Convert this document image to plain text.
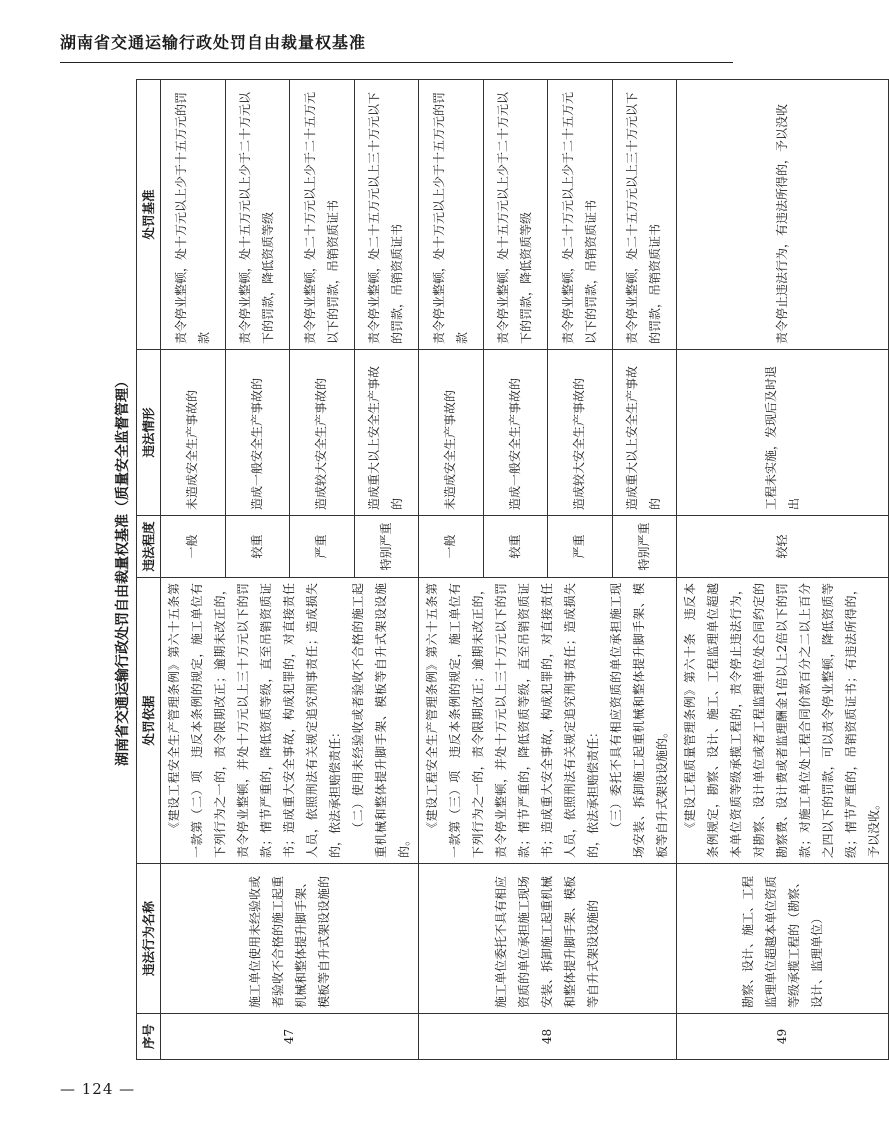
湖南省交通运输行政处罚自由裁量权基准
湖南省交通运输行政处罚自由裁量权基准（质量安全监督管理）
序号	违法行为名称	处罚依据	违法程度	违法情形	处罚基准
47	施工单位使用未经验收或者验收不合格的施工起重机械和整体提升脚手架、模板等自升式架设设施的	《建设工程安全生产管理条例》第六十五条第一款第（二）项　违反本条例的规定，施工单位有下列行为之一的，责令限期改正；逾期未改正的，责令停业整顿，并处十万元以上三十万元以下的罚款；情节严重的，降低资质等级，直至吊销资质证书；造成重大安全事故，构成犯罪的，对直接责任人员，依照刑法有关规定追究刑事责任；造成损失的，依法承担赔偿责任： （二）使用未经验收或者验收不合格的施工起重机械和整体提升脚手架、模板等自升式架设设施的。	一般	未造成安全生产事故的	责令停业整顿，处十万元以上少于十五万元的罚款
			较重	造成一般安全生产事故的	责令停业整顿，处十五万元以上少于二十万元以下的罚款，降低资质等级
			严重	造成较大安全生产事故的	责令停业整顿，处二十万元以上少于二十五万元以下的罚款，吊销资质证书
			特别严重	造成重大以上安全生产事故的	责令停业整顿，处二十五万元以上三十万元以下的罚款，吊销资质证书
48	施工单位委托不具有相应资质的单位承担施工现场安装、拆卸施工起重机械和整体提升脚手架、模板等自升式架设设施的	《建设工程安全生产管理条例》第六十五条第一款第（三）项　违反本条例的规定，施工单位有下列行为之一的，责令限期改正；逾期未改正的，责令停业整顿，并处十万元以上三十万元以下的罚款；情节严重的，降低资质等级，直至吊销资质证书；造成重大安全事故，构成犯罪的，对直接责任人员，依照刑法有关规定追究刑事责任；造成损失的，依法承担赔偿责任： （三）委托不具有相应资质的单位承担施工现场安装、拆卸施工起重机械和整体提升脚手架、模板等自升式架设设施的。	一般	未造成安全生产事故的	责令停业整顿，处十万元以上少于十五万元的罚款
			较重	造成一般安全生产事故的	责令停业整顿，处十五万元以上少于二十万元以下的罚款，降低资质等级
			严重	造成较大安全生产事故的	责令停业整顿，处二十万元以上少于二十五万元以下的罚款，吊销资质证书
			特别严重	造成重大以上安全生产事故的	责令停业整顿，处二十五万元以上三十万元以下的罚款，吊销资质证书
49	勘察、设计、施工、工程监理单位超越本单位资质等级承揽工程的（勘察、设计、监理单位）	《建设工程质量管理条例》第六十条　违反本条例规定，勘察、设计、施工、工程监理单位超越本单位资质等级承揽工程的，责令停止违法行为，对勘察、设计单位或者工程监理单位处合同约定的勘察费、设计费或者监理酬金1倍以上2倍以下的罚款；对施工单位处工程合同价款百分之二以上百分之四以下的罚款，可以责令停业整顿，降低资质等级；情节严重的，吊销资质证书；有违法所得的，予以没收。	较轻	工程未实施，发现后及时退出	责令停止违法行为，有违法所得的，予以没收
— 124 —
